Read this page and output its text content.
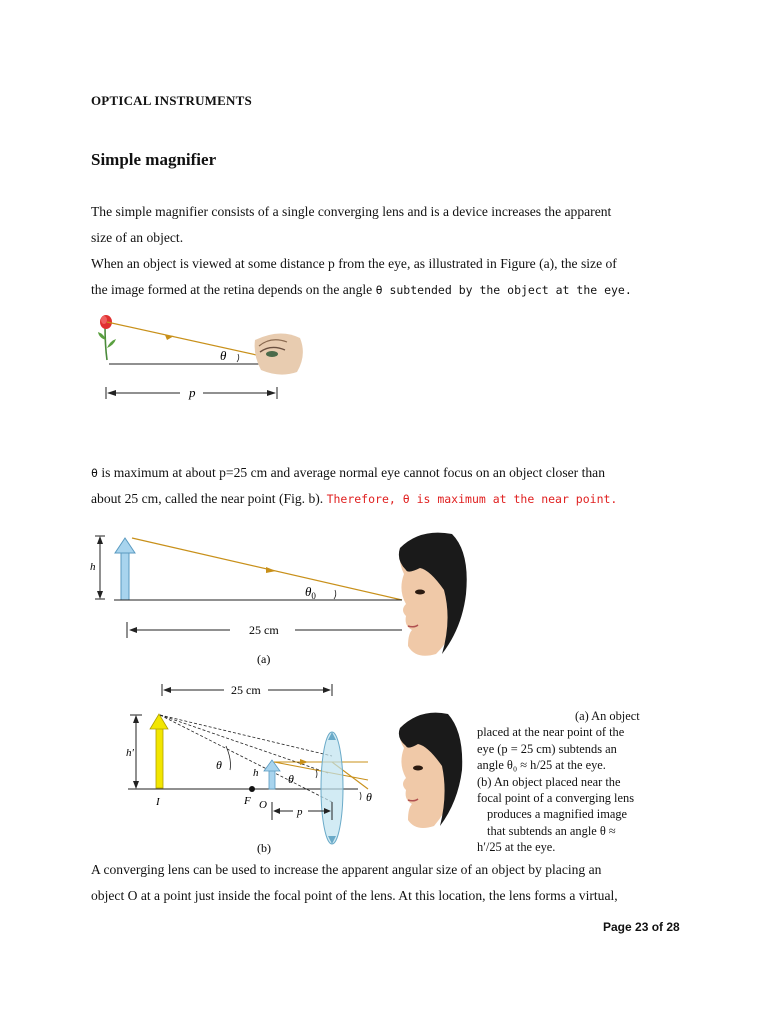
OPTICAL INSTRUMENTS
Simple magnifier
The simple magnifier consists of a single converging lens and is a device increases the apparent
size of an object.
When an object is viewed at some distance p from the eye, as illustrated in Figure (a), the size of
the image formed at the retina depends on the angle θ subtended by the object at the eye.
θ
p
θ is maximum at about p=25 cm and average normal eye cannot focus on an object closer than
about 25 cm, called the near point (Fig. b). Therefore, θ is maximum at the near point.
h
$\theta_0$
25 cm
(a)
25 cm
h′
θ
h θ
θ
F O
I
p
(b)
(a) An object
placed at the near point of the
eye (p = 25 cm) subtends an
angle θ₀ ≈ h/25 at the eye.
(b) An object placed near the
focal point of a converging lens
produces a magnified image
that subtends an angle θ ≈
h′/25 at the eye.
A converging lens can be used to increase the apparent angular size of an object by placing an
object O at a point just inside the focal point of the lens. At this location, the lens forms a virtual,
Page 23 of 28
